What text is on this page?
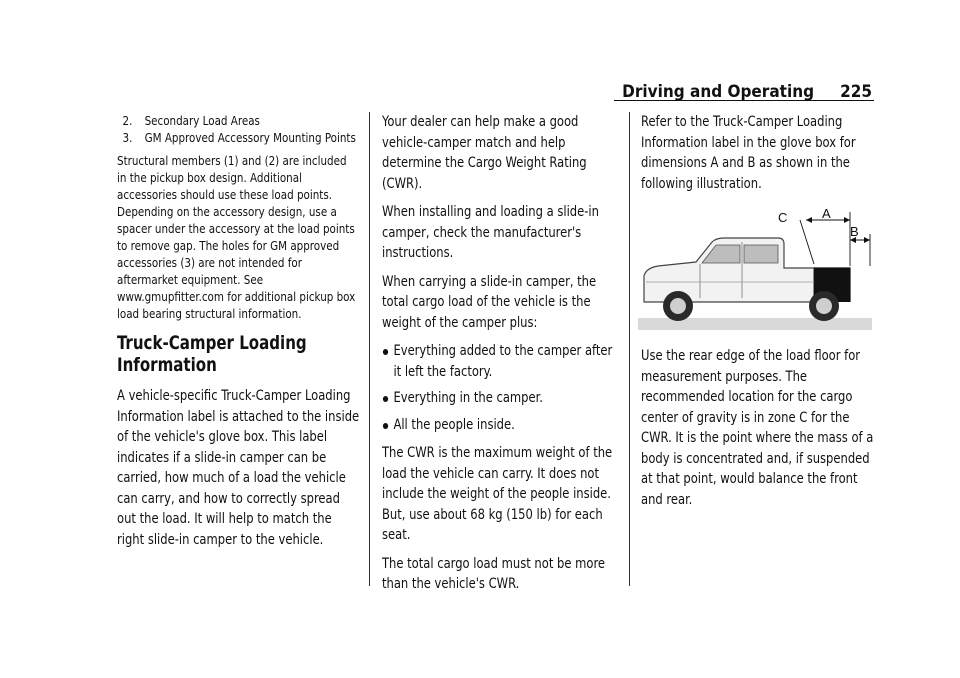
Driving and Operating 225
2. Secondary Load Areas
3. GM Approved Accessory Mounting Points

Structural members (1) and (2) are included in the pickup box design. Additional accessories should use these load points. Depending on the accessory design, use a spacer under the accessory at the load points to remove gap. The holes for GM approved accessories (3) are not intended for aftermarket equipment. See www.gmupfitter.com for additional pickup box load bearing structural information.

Truck-Camper Loading Information

A vehicle-specific Truck-Camper Loading Information label is attached to the inside of the vehicle's glove box. This label indicates if a slide-in camper can be carried, how much of a load the vehicle can carry, and how to correctly spread out the load. It will help to match the right slide-in camper to the vehicle.

Your dealer can help make a good vehicle-camper match and help determine the Cargo Weight Rating (CWR).

When installing and loading a slide-in camper, check the manufacturer's instructions.

When carrying a slide-in camper, the total cargo load of the vehicle is the weight of the camper plus:

Everything added to the camper after it left the factory.
Everything in the camper.
All the people inside.

The CWR is the maximum weight of the load the vehicle can carry. It does not include the weight of the people inside. But, use about 68 kg (150 lb) for each seat.

The total cargo load must not be more than the vehicle's CWR.

Refer to the Truck-Camper Loading Information label in the glove box for dimensions A and B as shown in the following illustration.

C	A
B

Use the rear edge of the load floor for measurement purposes. The recommended location for the cargo center of gravity is in zone C for the CWR. It is the point where the mass of a body is concentrated and, if suspended at that point, would balance the front and rear.
